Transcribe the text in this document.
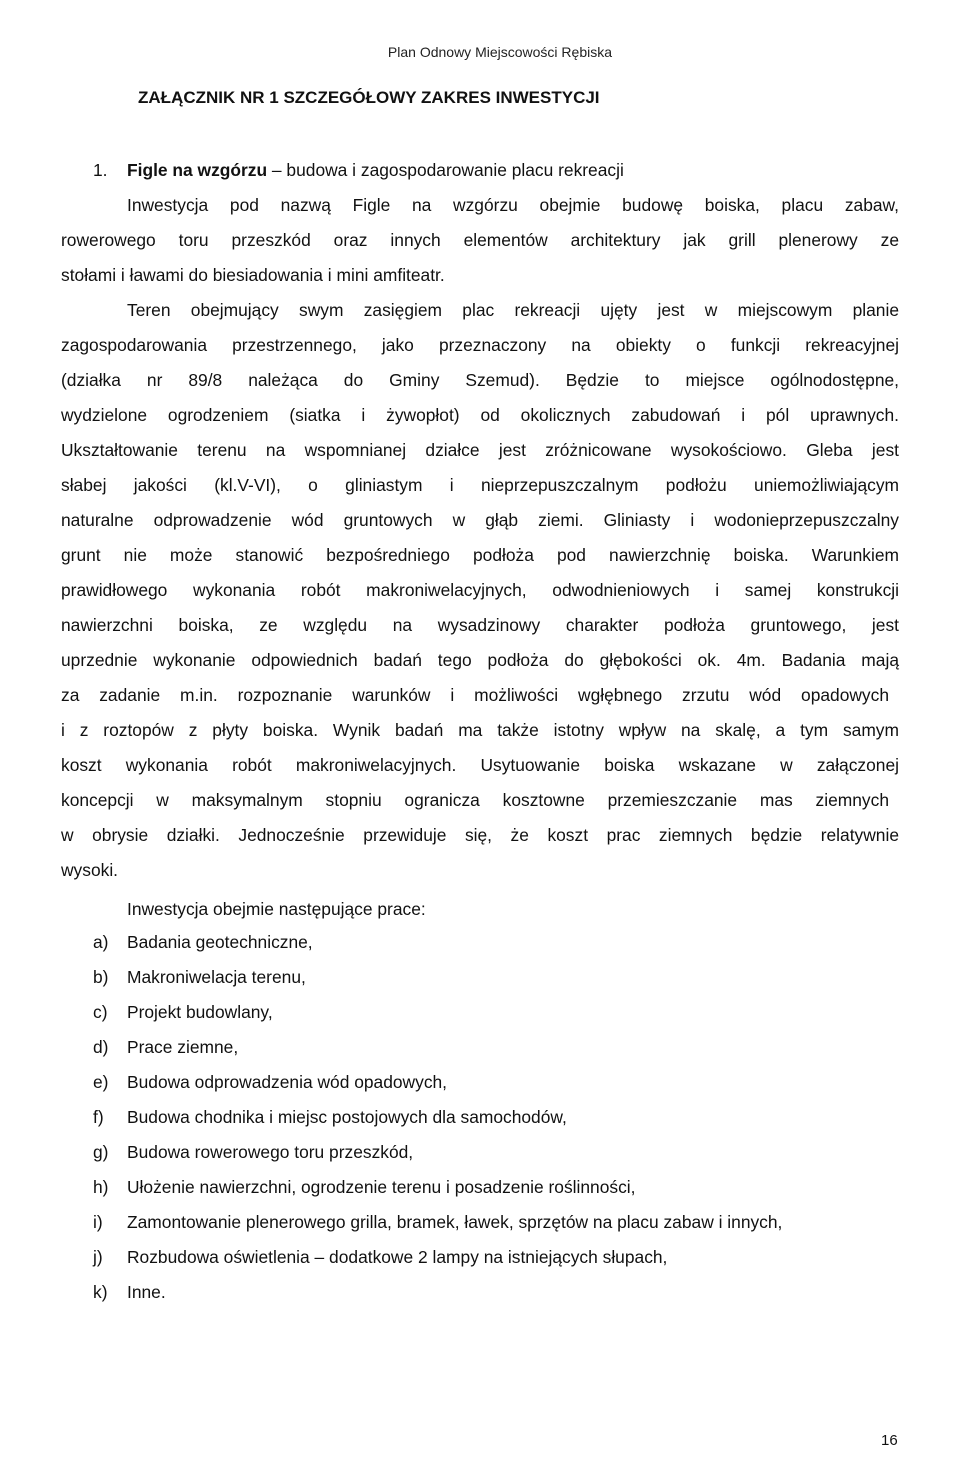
Plan Odnowy Miejscowości Rębiska
ZAŁĄCZNIK NR 1 SZCZEGÓŁOWY ZAKRES INWESTYCJI
1. Figle na wzgórzu – budowa i zagospodarowanie placu rekreacji
Inwestycja pod nazwą Figle na wzgórzu obejmie budowę boiska, placu zabaw,
rowerowego toru przeszkód oraz innych elementów architektury jak grill plenerowy ze
stołami i ławami do biesiadowania i mini amfiteatr.
Teren obejmujący swym zasięgiem plac rekreacji ujęty jest w miejscowym planie
zagospodarowania przestrzennego, jako przeznaczony na obiekty o funkcji rekreacyjnej
(działka nr 89/8 należąca do Gminy Szemud). Będzie to miejsce ogólnodostępne,
wydzielone ogrodzeniem (siatka i żywopłot) od okolicznych zabudowań i pól uprawnych.
Ukształtowanie terenu na wspomnianej działce jest zróżnicowane wysokościowo. Gleba jest
słabej jakości (kl.V-VI), o gliniastym i nieprzepuszczalnym podłożu uniemożliwiającym
naturalne odprowadzenie wód gruntowych w głąb ziemi. Gliniasty i wodonieprzepuszczalny
grunt nie może stanowić bezpośredniego podłoża pod nawierzchnię boiska. Warunkiem
prawidłowego wykonania robót makroniwelacyjnych, odwodnieniowych i samej konstrukcji
nawierzchni boiska, ze względu na wysadzinowy charakter podłoża gruntowego, jest
uprzednie wykonanie odpowiednich badań tego podłoża do głębokości ok. 4m. Badania mają
za zadanie m.in. rozpoznanie warunków i możliwości wgłębnego zrzutu wód opadowych
i z roztopów z płyty boiska. Wynik badań ma także istotny wpływ na skalę, a tym samym
koszt wykonania robót makroniwelacyjnych. Usytuowanie boiska wskazane w załączonej
koncepcji w maksymalnym stopniu ogranicza kosztowne przemieszczanie mas ziemnych
w obrysie działki. Jednocześnie przewiduje się, że koszt prac ziemnych będzie relatywnie
wysoki.
Inwestycja obejmie następujące prace:
a) Badania geotechniczne,
b) Makroniwelacja terenu,
c) Projekt budowlany,
d) Prace ziemne,
e) Budowa odprowadzenia wód opadowych,
f) Budowa chodnika i miejsc postojowych dla samochodów,
g) Budowa rowerowego toru przeszkód,
h) Ułożenie nawierzchni, ogrodzenie terenu i posadzenie roślinności,
i) Zamontowanie plenerowego grilla, bramek, ławek, sprzętów na placu zabaw i innych,
j) Rozbudowa oświetlenia – dodatkowe 2 lampy na istniejących słupach,
k) Inne.
16
